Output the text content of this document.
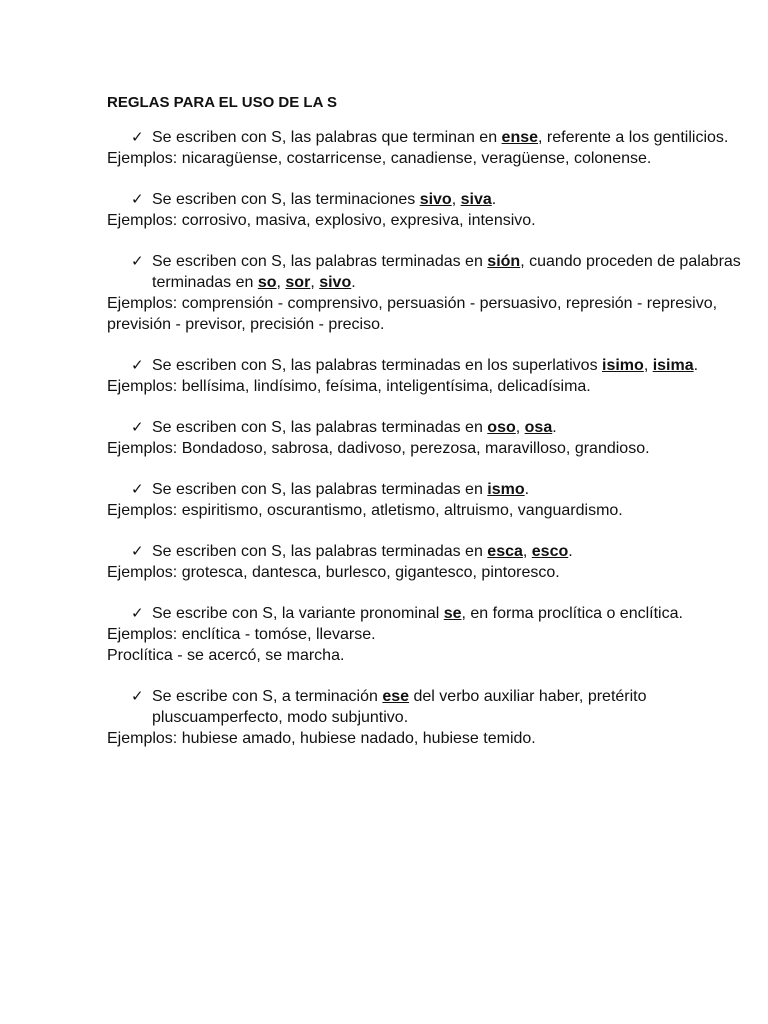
REGLAS PARA EL USO DE LA S
✓ Se escriben con S, las palabras que terminan en ense, referente a los gentilicios.
Ejemplos: nicaragüense, costarricense, canadiense, veragüense, colonense.
✓ Se escriben con S, las terminaciones sivo, siva.
Ejemplos: corrosivo, masiva, explosivo, expresiva, intensivo.
✓ Se escriben con S, las palabras terminadas en sión, cuando proceden de palabras terminadas en so, sor, sivo.
Ejemplos: comprensión - comprensivo, persuasión - persuasivo, represión - represivo, previsión - previsor, precisión - preciso.
✓ Se escriben con S, las palabras terminadas en los superlativos isimo, isima.
Ejemplos: bellísima, lindísimo, feísima, inteligentísima, delicadísima.
✓ Se escriben con S, las palabras terminadas en oso, osa.
Ejemplos: Bondadoso, sabrosa, dadivoso, perezosa, maravilloso, grandioso.
✓ Se escriben con S, las palabras terminadas en ismo.
Ejemplos: espiritismo, oscurantismo, atletismo, altruismo, vanguardismo.
✓ Se escriben con S, las palabras terminadas en esca, esco.
Ejemplos: grotesca, dantesca, burlesco, gigantesco, pintoresco.
✓ Se escribe con S, la variante pronominal se, en forma proclítica o enclítica.
Ejemplos: enclítica - tomóse, llevarse.
Proclítica - se acercó, se marcha.
✓ Se escribe con S, a terminación ese del verbo auxiliar haber, pretérito pluscuamperfecto, modo subjuntivo.
Ejemplos: hubiese amado, hubiese nadado, hubiese temido.
